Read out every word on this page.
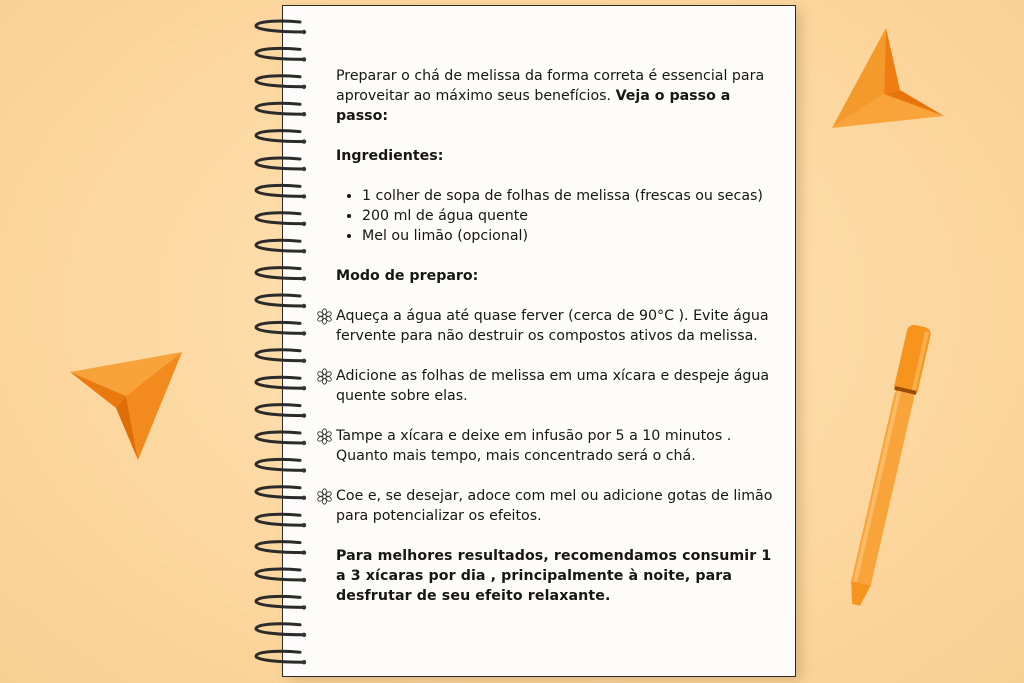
Preparar o chá de melissa da forma correta é essencial para aproveitar ao máximo seus benefícios. Veja o passo a passo:

Ingredientes:

• 1 colher de sopa de folhas de melissa (frescas ou secas)
• 200 ml de água quente
• Mel ou limão (opcional)

Modo de preparo:

Aqueça a água até quase ferver (cerca de 90°C ). Evite água fervente para não destruir os compostos ativos da melissa.

Adicione as folhas de melissa em uma xícara e despeje água quente sobre elas.

Tampe a xícara e deixe em infusão por 5 a 10 minutos . Quanto mais tempo, mais concentrado será o chá.

Coe e, se desejar, adoce com mel ou adicione gotas de limão para potencializar os efeitos.

Para melhores resultados, recomendamos consumir 1 a 3 xícaras por dia , principalmente à noite, para desfrutar de seu efeito relaxante.
